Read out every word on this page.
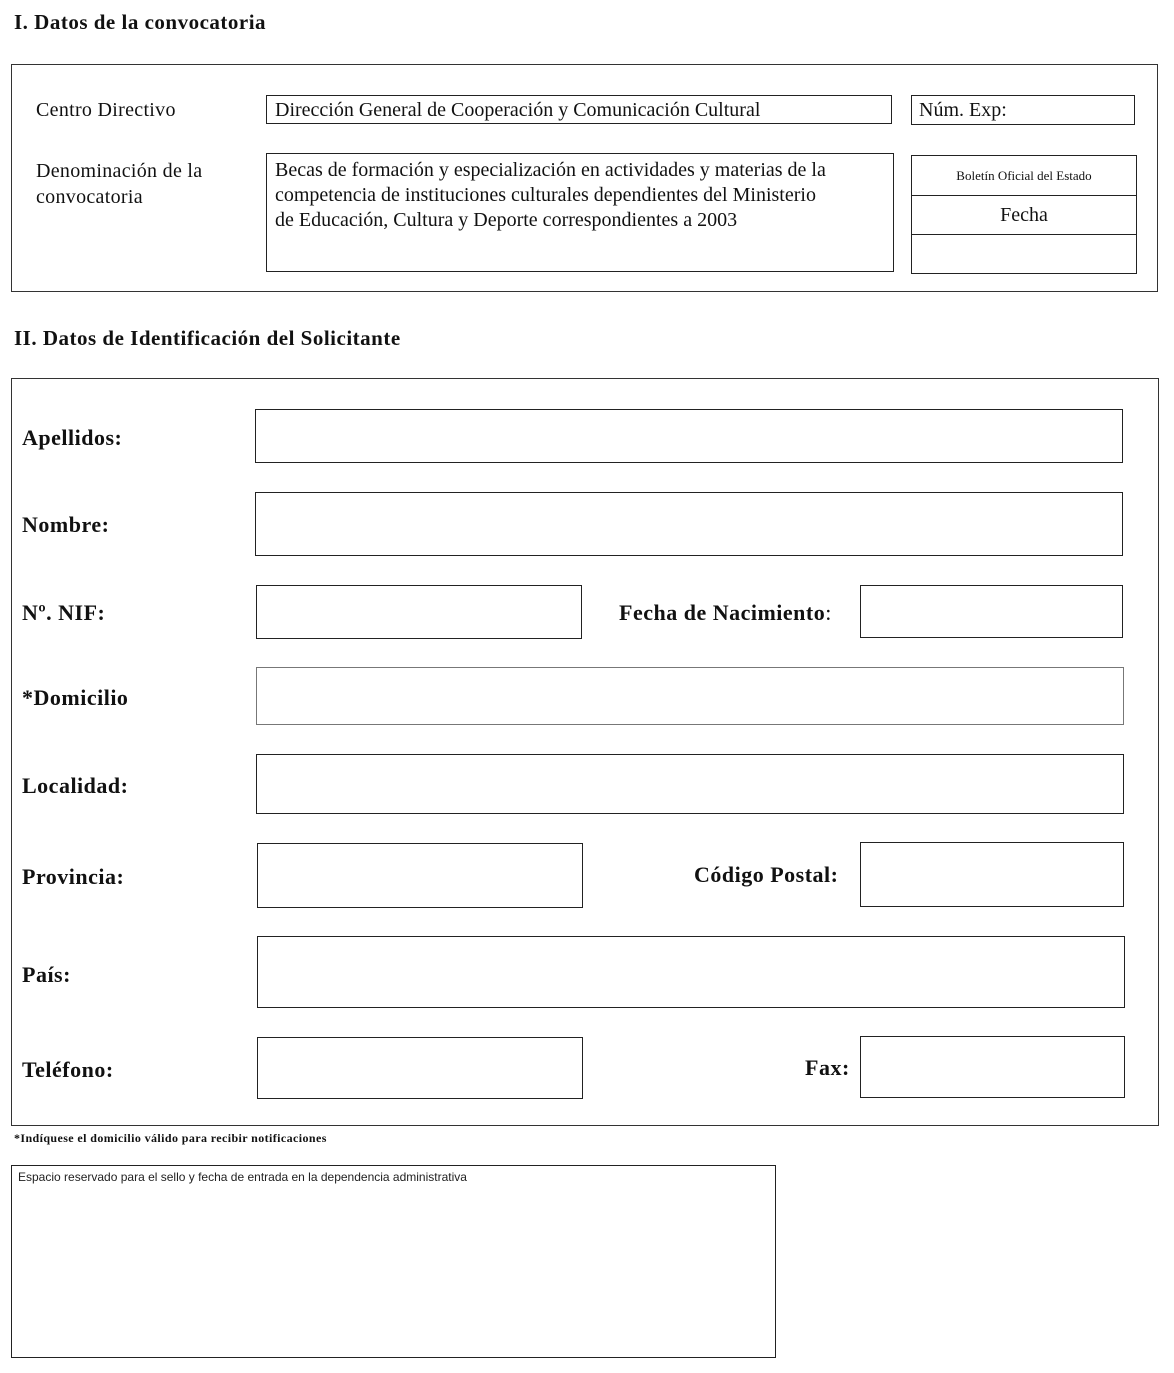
I. Datos de la convocatoria
Centro Directivo	Dirección General de Cooperación y Comunicación Cultural	Núm. Exp:
Denominación de la
convocatoria
Becas de formación y especialización en actividades y materias de la
competencia de instituciones culturales dependientes del Ministerio
de Educación, Cultura y Deporte correspondientes a 2003
Boletín Oficial del Estado
Fecha
II. Datos de Identificación del Solicitante
Apellidos:
Nombre:
Nº. NIF:	Fecha de Nacimiento:
*Domicilio
Localidad:
Provincia:	Código Postal:
País:
Teléfono:	Fax:
*Indíquese el domicilio válido para recibir notificaciones
Espacio reservado para el sello y fecha de entrada en la dependencia administrativa
